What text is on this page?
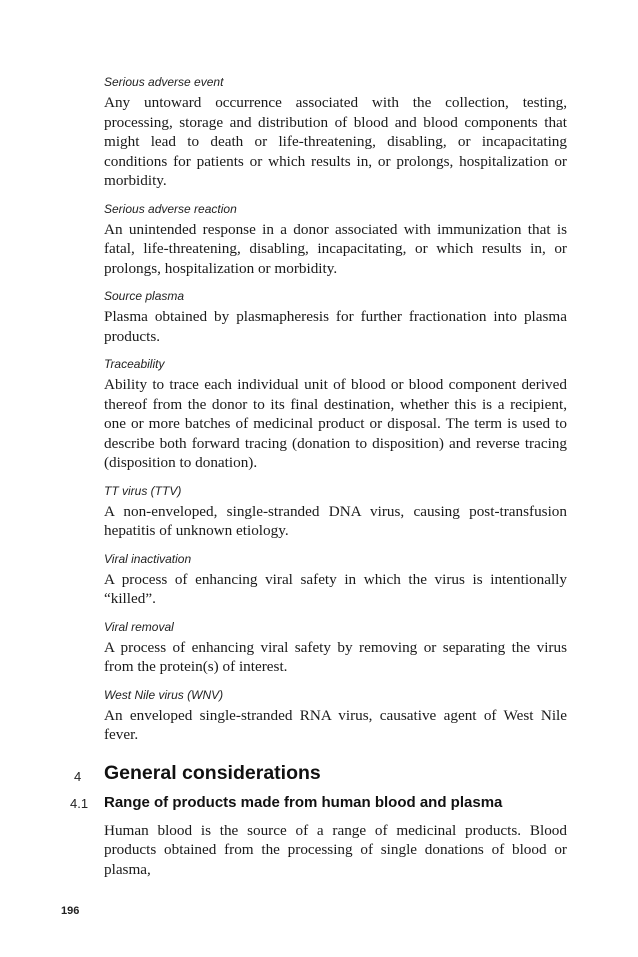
Serious adverse event

Any untoward occurrence associated with the collection, testing, processing, storage and distribution of blood and blood components that might lead to death or life-threatening, disabling, or incapacitating conditions for patients or which results in, or prolongs, hospitalization or morbidity.

Serious adverse reaction

An unintended response in a donor associated with immunization that is fatal, life-threatening, disabling, incapacitating, or which results in, or prolongs, hospitalization or morbidity.

Source plasma

Plasma obtained by plasmapheresis for further fractionation into plasma products.

Traceability

Ability to trace each individual unit of blood or blood component derived thereof from the donor to its final destination, whether this is a recipient, one or more batches of medicinal product or disposal. The term is used to describe both forward tracing (donation to disposition) and reverse tracing (disposition to donation).

TT virus (TTV)

A non-enveloped, single-stranded DNA virus, causing post-transfusion hepatitis of unknown etiology.

Viral inactivation

A process of enhancing viral safety in which the virus is intentionally “killed”.

Viral removal

A process of enhancing viral safety by removing or separating the virus from the protein(s) of interest.

West Nile virus (WNV)

An enveloped single-stranded RNA virus, causative agent of West Nile fever.

4 General considerations
4.1 Range of products made from human blood and plasma

Human blood is the source of a range of medicinal products. Blood products obtained from the processing of single donations of blood or plasma,

196
